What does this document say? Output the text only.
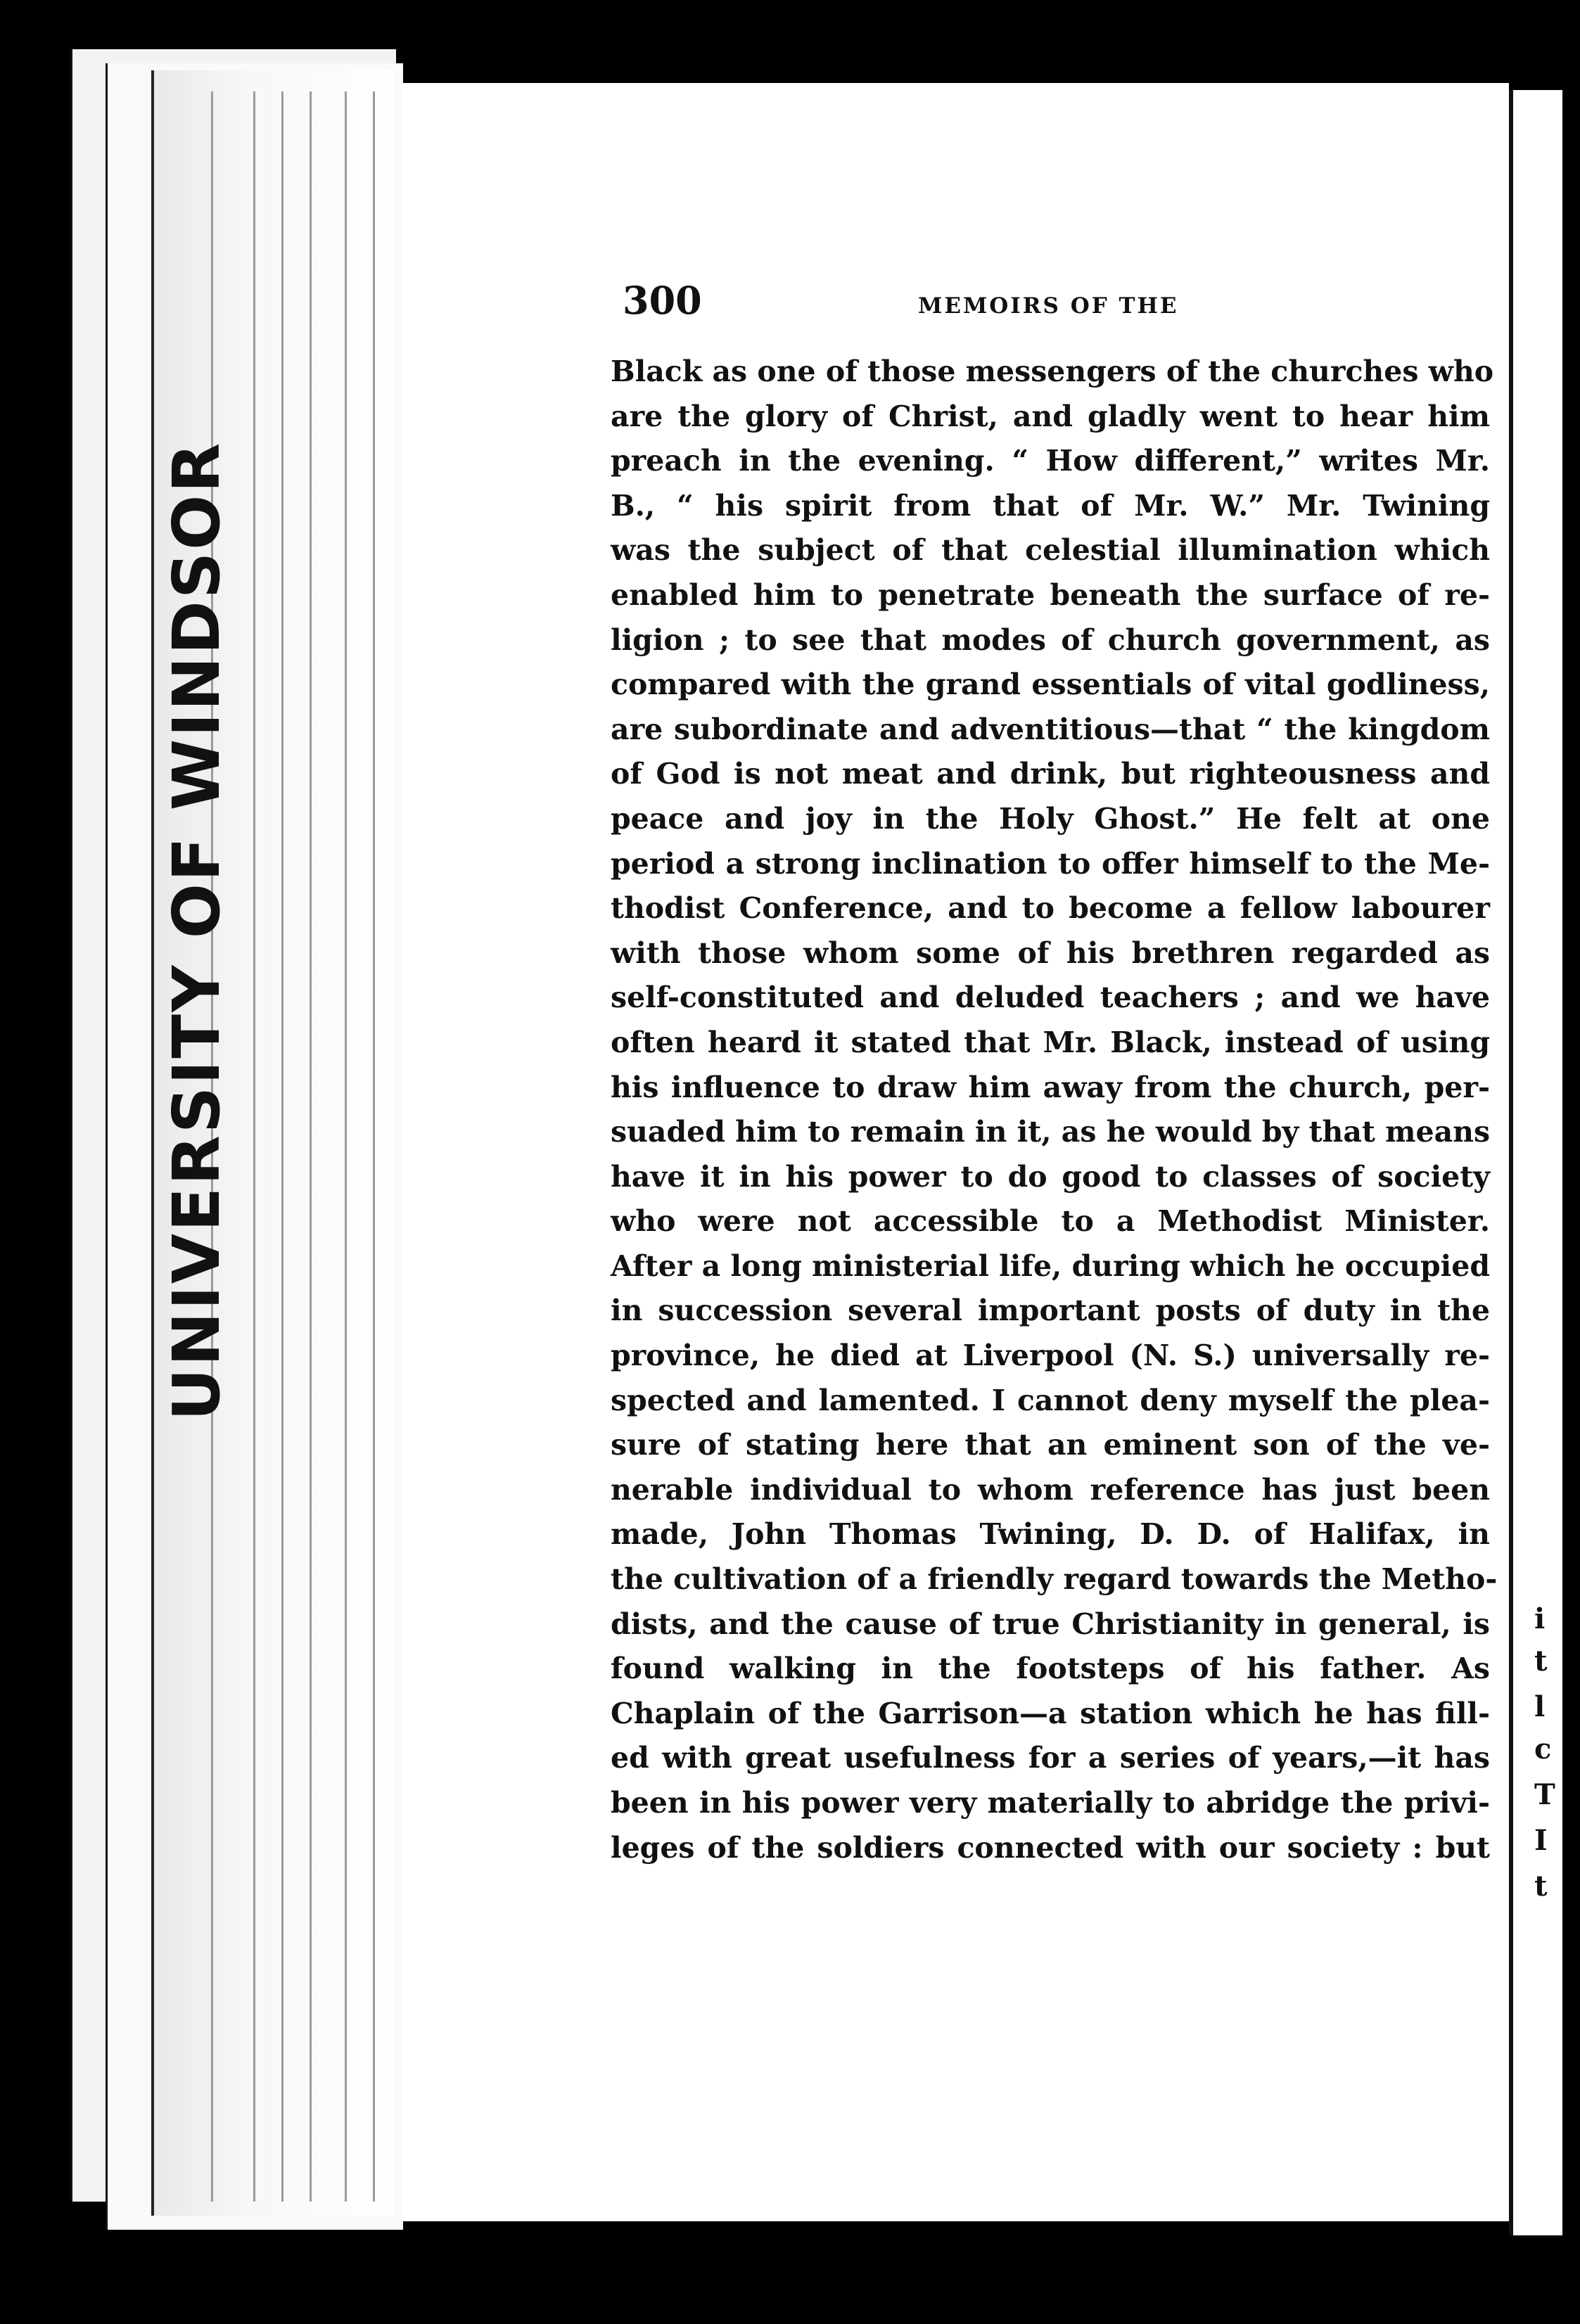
UNIVERSITY OF WINDSOR
i
t
l
c
T
I
t
300	MEMOIRS OF THE
Black as one of those messengers of the churches who
are the glory of Christ, and gladly went to hear him
preach in the evening. “ How different,” writes Mr.
B., “ his spirit from that of Mr. W.” Mr. Twining
was the subject of that celestial illumination which
enabled him to penetrate beneath the surface of re-
ligion ; to see that modes of church government, as
compared with the grand essentials of vital godliness,
are subordinate and adventitious—that “ the kingdom
of God is not meat and drink, but righteousness and
peace and joy in the Holy Ghost.” He felt at one
period a strong inclination to offer himself to the Me-
thodist Conference, and to become a fellow labourer
with those whom some of his brethren regarded as
self-constituted and deluded teachers ; and we have
often heard it stated that Mr. Black, instead of using
his influence to draw him away from the church, per-
suaded him to remain in it, as he would by that means
have it in his power to do good to classes of society
who were not accessible to a Methodist Minister.
After a long ministerial life, during which he occupied
in succession several important posts of duty in the
province, he died at Liverpool (N. S.) universally re-
spected and lamented. I cannot deny myself the plea-
sure of stating here that an eminent son of the ve-
nerable individual to whom reference has just been
made, John Thomas Twining, D. D. of Halifax, in
the cultivation of a friendly regard towards the Metho-
dists, and the cause of true Christianity in general, is
found walking in the footsteps of his father. As
Chaplain of the Garrison—a station which he has fill-
ed with great usefulness for a series of years,—it has
been in his power very materially to abridge the privi-
leges of the soldiers connected with our society : but
